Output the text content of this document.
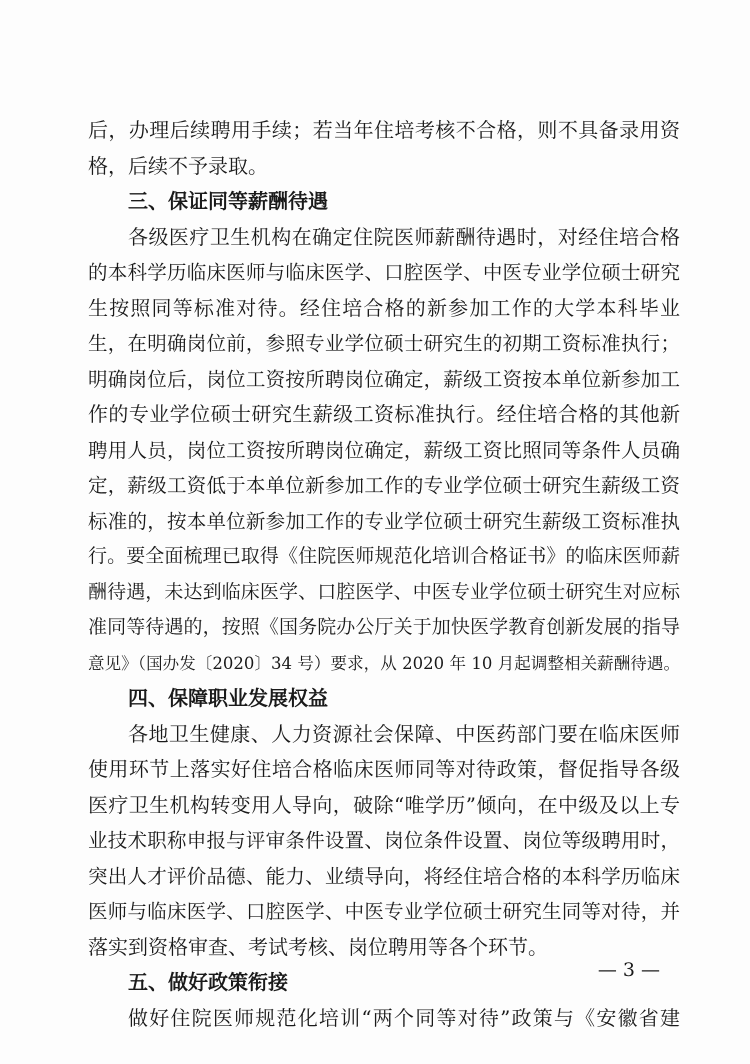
后，办理后续聘用手续；若当年住培考核不合格，则不具备录用资
格，后续不予录取。
三、保证同等薪酬待遇
各级医疗卫生机构在确定住院医师薪酬待遇时，对经住培合格
的本科学历临床医师与临床医学、口腔医学、中医专业学位硕士研究
生按照同等标准对待。经住培合格的新参加工作的大学本科毕业
生，在明确岗位前，参照专业学位硕士研究生的初期工资标准执行；
明确岗位后，岗位工资按所聘岗位确定，薪级工资按本单位新参加工
作的专业学位硕士研究生薪级工资标准执行。经住培合格的其他新
聘用人员，岗位工资按所聘岗位确定，薪级工资比照同等条件人员确
定，薪级工资低于本单位新参加工作的专业学位硕士研究生薪级工资
标准的，按本单位新参加工作的专业学位硕士研究生薪级工资标准执
行。要全面梳理已取得《住院医师规范化培训合格证书》的临床医师薪
酬待遇，未达到临床医学、口腔医学、中医专业学位硕士研究生对应标
准同等待遇的，按照《国务院办公厅关于加快医学教育创新发展的指导
意见》（国办发〔2020〕34 号）要求，从 2020 年 10 月起调整相关薪酬待遇。
四、保障职业发展权益
各地卫生健康、人力资源社会保障、中医药部门要在临床医师
使用环节上落实好住培合格临床医师同等对待政策，督促指导各级
医疗卫生机构转变用人导向，破除“唯学历”倾向，在中级及以上专
业技术职称申报与评审条件设置、岗位条件设置、岗位等级聘用时，
突出人才评价品德、能力、业绩导向，将经住培合格的本科学历临床
医师与临床医学、口腔医学、中医专业学位硕士研究生同等对待，并
落实到资格审查、考试考核、岗位聘用等各个环节。
五、做好政策衔接
做好住院医师规范化培训“两个同等对待”政策与《安徽省建
— 3 —
